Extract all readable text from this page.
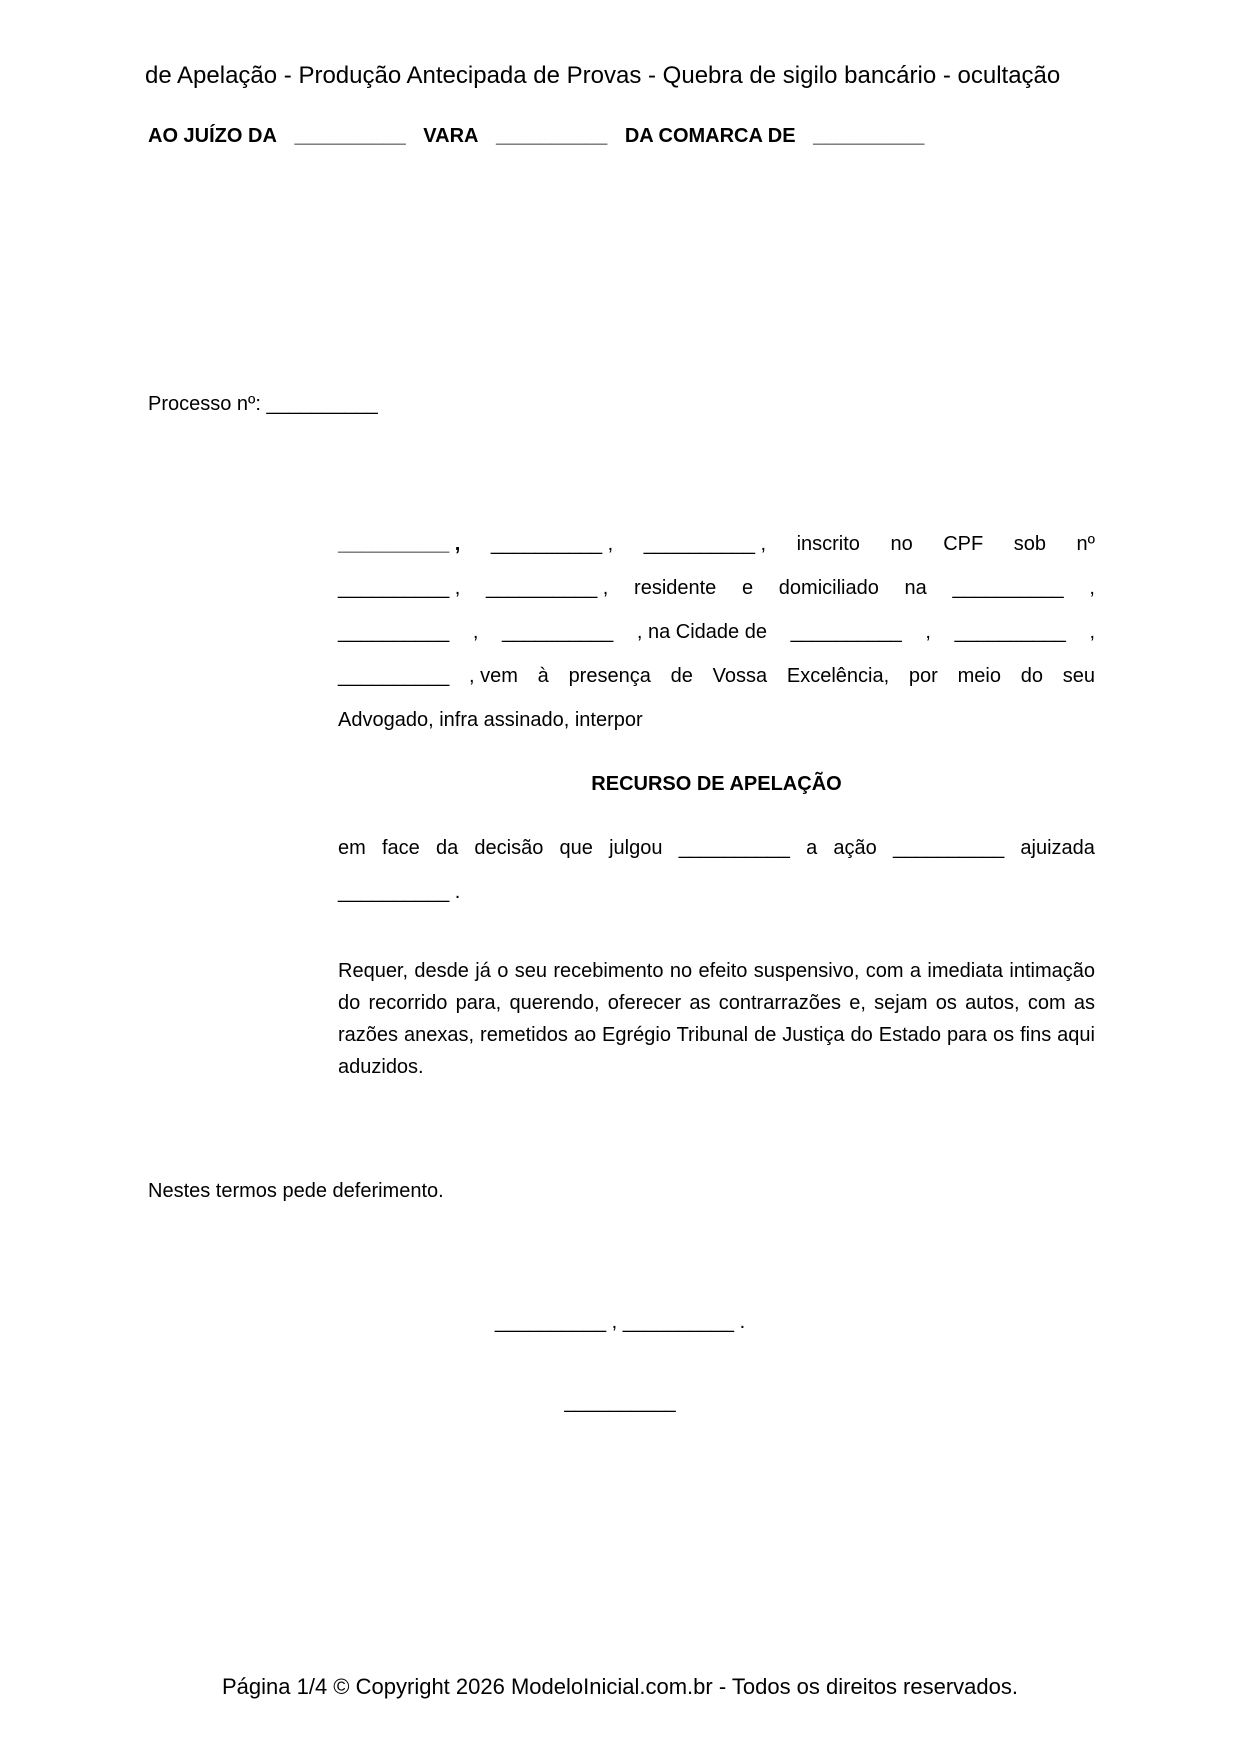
de Apelação - Produção Antecipada de Provas - Quebra de sigilo bancário - ocultação
AO JUÍZO DA __________ VARA __________ DA COMARCA DE __________
Processo nº: __________
__________ , __________ , __________ , inscrito no CPF sob nº
__________ , __________ , residente e domiciliado na __________ ,
__________ , __________ , na Cidade de __________ , __________ ,
__________ , vem à presença de Vossa Excelência, por meio do seu
Advogado, infra assinado, interpor
RECURSO DE APELAÇÃO
em face da decisão que julgou __________ a ação __________ ajuizada
__________ .
Requer, desde já o seu recebimento no efeito suspensivo, com a imediata intimação do recorrido para, querendo, oferecer as contrarrazões e, sejam os autos, com as razões anexas, remetidos ao Egrégio Tribunal de Justiça do Estado para os fins aqui aduzidos.
Nestes termos pede deferimento.
__________ , __________ .
__________
Página 1/4 © Copyright 2026 ModeloInicial.com.br - Todos os direitos reservados.
